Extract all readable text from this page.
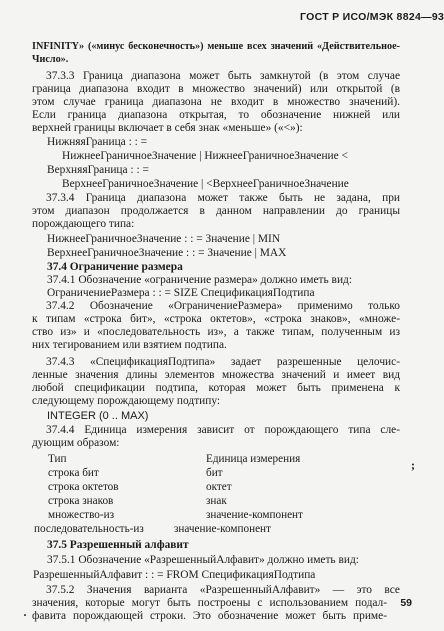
ГОСТ Р ИСО/МЭК 8824—93
INFINITY» («минус бесконечность») меньше всех значений «Действительное-
Число».
37.3.3 Граница диапазона может быть замкнутой (в этом случае
граница диапазона входит в множество значений) или открытой (в
этом случае граница диапазона не входит в множество значений).
Если граница диапазона открытая, то обозначение нижней или
верхней границы включает в себя знак «меньше» («<»):
НижняяГраница : : =
НижнееГраничноеЗначение | НижнееГраничноеЗначение <
ВерхняяГраница : : =
ВерхнееГраничноеЗначение | <ВерхнееГраничноеЗначение
37.3.4 Граница диапазона может также быть не задана, при
этом диапазон продолжается в данном направлении до границы
порождающего типа:
НижнееГраничноеЗначение : : = Значение | MIN
ВерхнееГраничноеЗначение : : = Значение | MAX
37.4 Ограничение размера
37.4.1 Обозначение «ограничение размера» должно иметь вид:
ОграничениеРазмера : : = SIZE СпецификацияПодтипа
37.4.2 Обозначение «ОграничениеРазмера» применимо только
к типам «строка бит», «строка октетов», «строка знаков», «множе-
ство из» и «последовательность из», а также типам, полученным из
них тегированием или взятием подтипа.
37.4.3 «СпецификацияПодтипа» задает разрешенные целочис-
ленные значения длины элементов множества значений и имеет вид
любой спецификации подтипа, которая может быть применена к
следующему порождающему подтипу:
INTEGER (0 .. MAX)
37.4.4 Единица измерения зависит от порождающего типа сле-
дующим образом:
Тип	Единица измерения
строка бит	бит
строка октетов	октет
строка знаков	знак
множество-из	значение-компонент
последовательность-из	значение-компонент
37.5 Разрешенный алфавит
37.5.1 Обозначение «РазрешенныйАлфавит» должно иметь вид:
РазрешенныйАлфавит : : = FROM СпецификацияПодтипа
37.5.2 Значения варианта «РазрешенныйАлфавит» — это все
значения, которые могут быть построены с использованием подал-
фавита порождающей строки. Это обозначение может быть приме-
;
·
59
